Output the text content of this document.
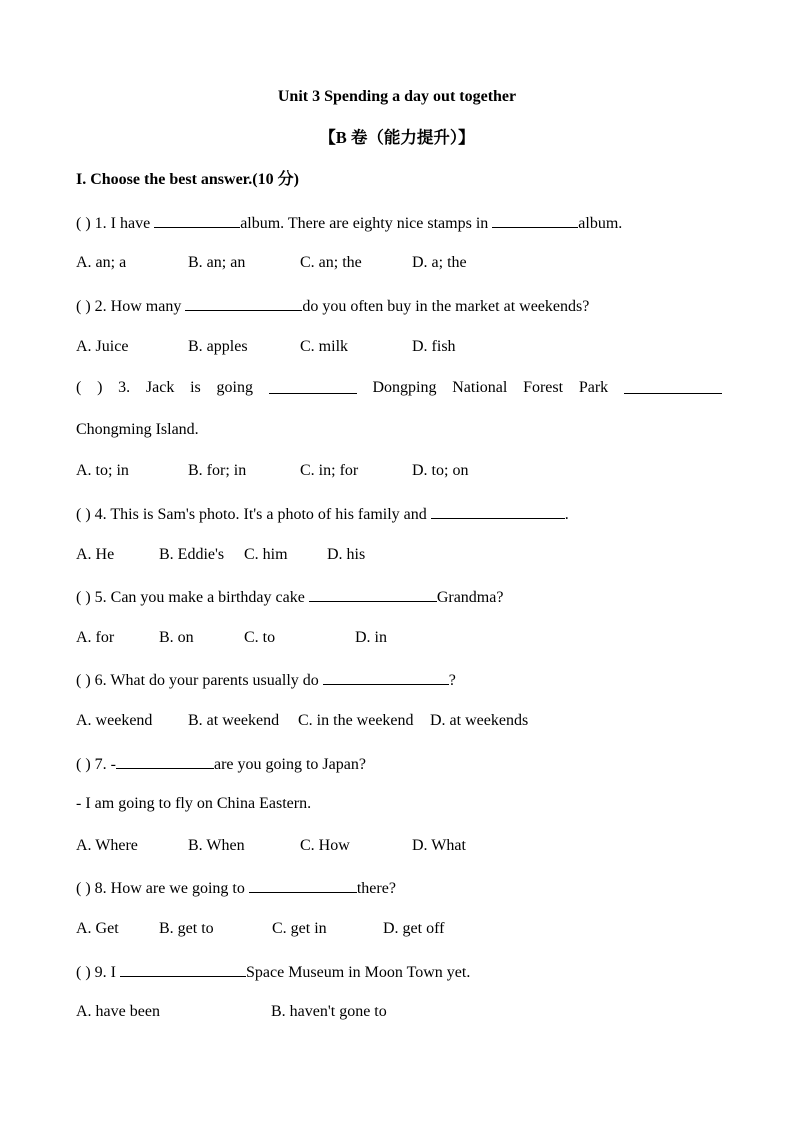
Unit 3 Spending a day out together
【B 卷（能力提升）】
I. Choose the best answer.(10 分)
( ) 1. I have	album. There are eighty nice stamps in	album.
A. an; a	B. an; an	C. an; the	D. a; the
( ) 2. How many	do you often buy in the market at weekends?
A. Juice	B. apples	C. milk	D. fish
( ) 3. Jack is going	Dongping National Forest Park
Chongming Island.
A. to; in	B. for; in	C. in; for	D. to; on
( ) 4. This is Sam's photo. It's a photo of his family and	.
A. He	B. Eddie's C. him D. his
( ) 5. Can you make a birthday cake	Grandma?
A. for	B. on	C. to	D. in
( ) 6. What do your parents usually do	?
A. weekend B. at weekend C. in the weekend D. at weekends
( ) 7. -	are you going to Japan?
- I am going to fly on China Eastern.
A. Where	B. When	C. How	D. What
( ) 8. How are we going to	there?
A. Get	B. get to	C. get in	D. get off
( ) 9. I	Space Museum in Moon Town yet.
A. have been	B. haven't gone to
